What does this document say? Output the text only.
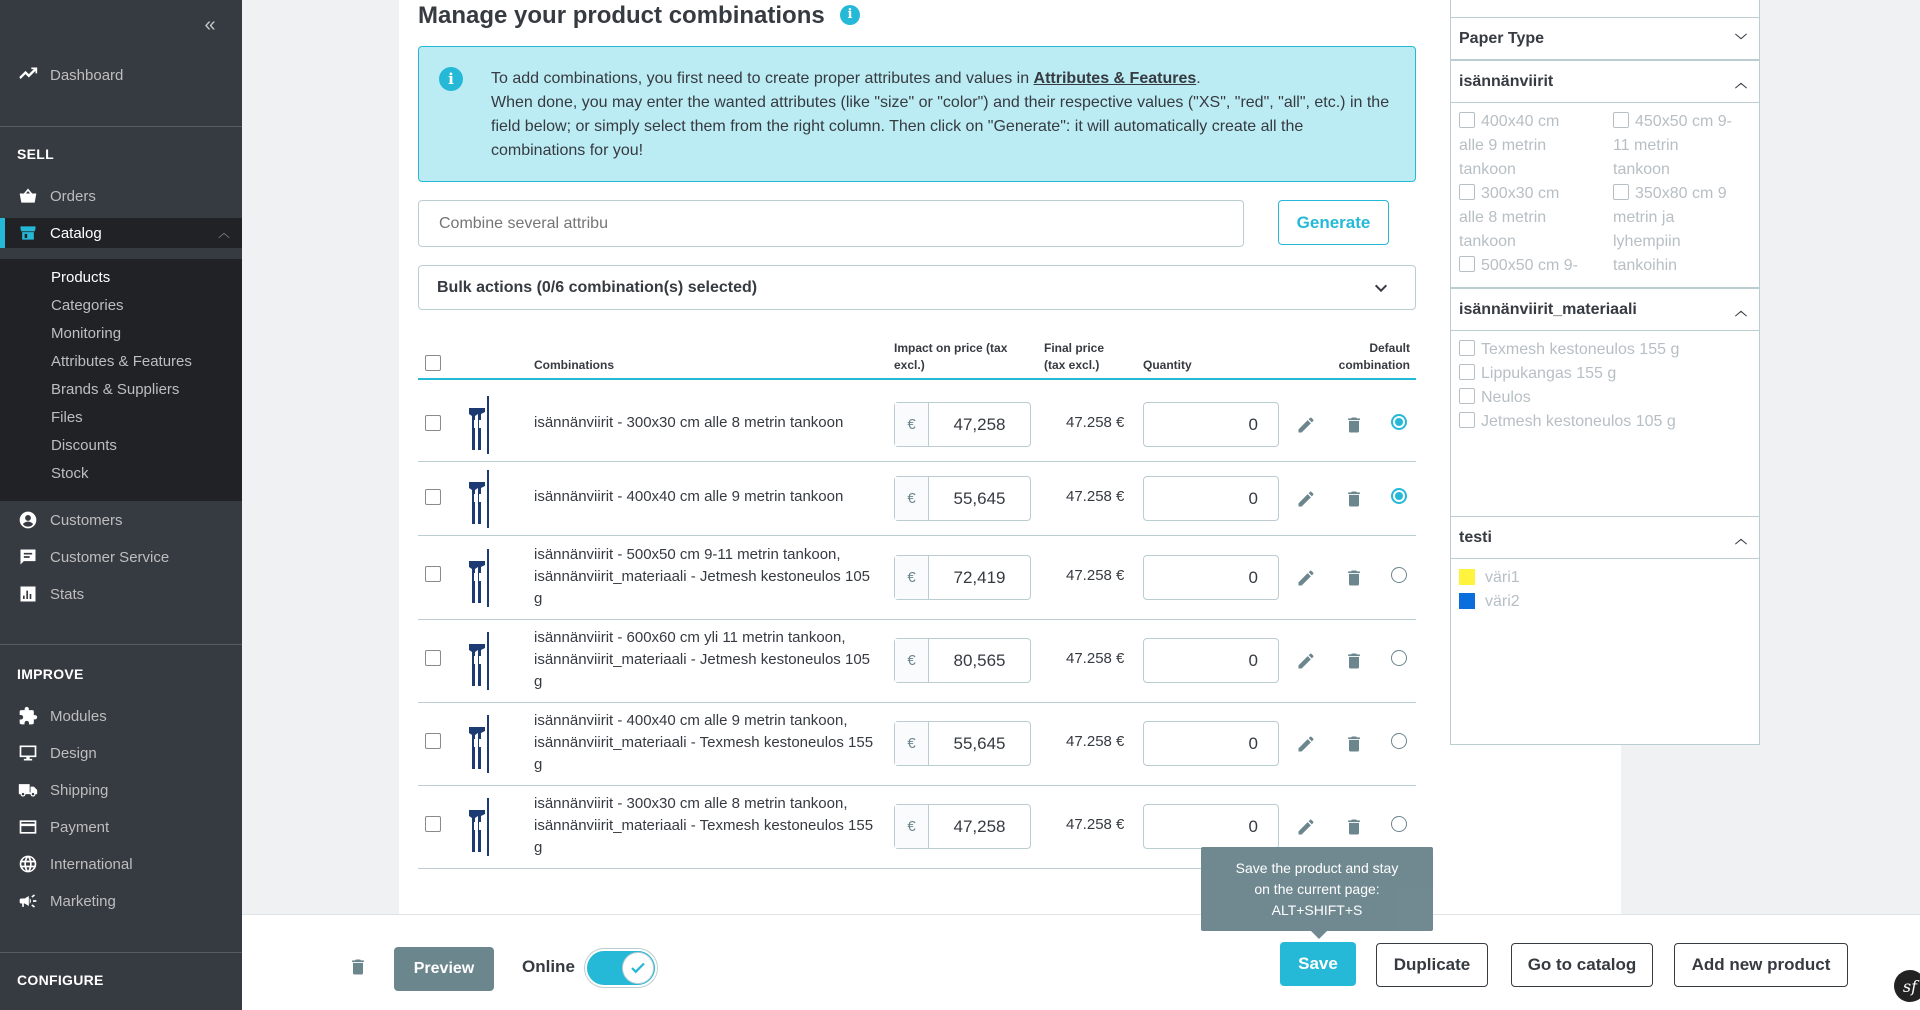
«
Dashboard
SELL
Orders
Catalog	︿
Products
Categories
Monitoring
Attributes & Features
Brands & Suppliers
Files
Discounts
Stock
Customers
Customer Service
Stats
IMPROVE
Modules
Design
Shipping
Payment
International
Marketing
CONFIGURE
Manage your product combinations	i
i	To add combinations, you first need to create proper attributes and values in Attributes & Features.
When done, you may enter the wanted attributes (like "size" or "color") and their respective values ("XS", "red", "all", etc.) in the field below; or simply select them from the right column. Then click on "Generate": it will automatically create all the combinations for you!
Combine several attribu
Generate
Bulk actions (0/6 combination(s) selected)
Combinations
Impact on price (tax
excl.)
Final price
(tax excl.)	Quantity
Default
combination
isännänviirit - 300x30 cm alle 8 metrin tankoon	€	47,258	47.258 €	0
isännänviirit - 400x40 cm alle 9 metrin tankoon	€	55,645	47.258 €	0
isännänviirit - 500x50 cm 9-11 metrin tankoon, isännänviirit_materiaali - Jetmesh kestoneulos 105 g
€	72,419	47.258 €	0
isännänviirit - 600x60 cm yli 11 metrin tankoon, isännänviirit_materiaali - Jetmesh kestoneulos 105 g
€	80,565	47.258 €	0
isännänviirit - 400x40 cm alle 9 metrin tankoon, isännänviirit_materiaali - Texmesh kestoneulos 155 g
€	55,645	47.258 €	0
isännänviirit - 300x30 cm alle 8 metrin tankoon, isännänviirit_materiaali - Texmesh kestoneulos 155 g
€	47,258	47.258 €	0
Paper Type	﹀
isännänviirit	︿
400x40 cm
alle 9 metrin
tankoon
300x30 cm
alle 8 metrin
tankoon
500x50 cm 9-
450x50 cm 9-
11 metrin
tankoon
350x80 cm 9
metrin ja
lyhempiin
tankoihin
isännänviirit_materiaali	︿
Texmesh kestoneulos 155 g
Lippukangas 155 g
Neulos
Jetmesh kestoneulos 105 g
testi	︿
väri1
väri2
Preview	Online	Save	Duplicate	Go to catalog	Add new product
Save the product and stay
on the current page:
ALT+SHIFT+S
sf
